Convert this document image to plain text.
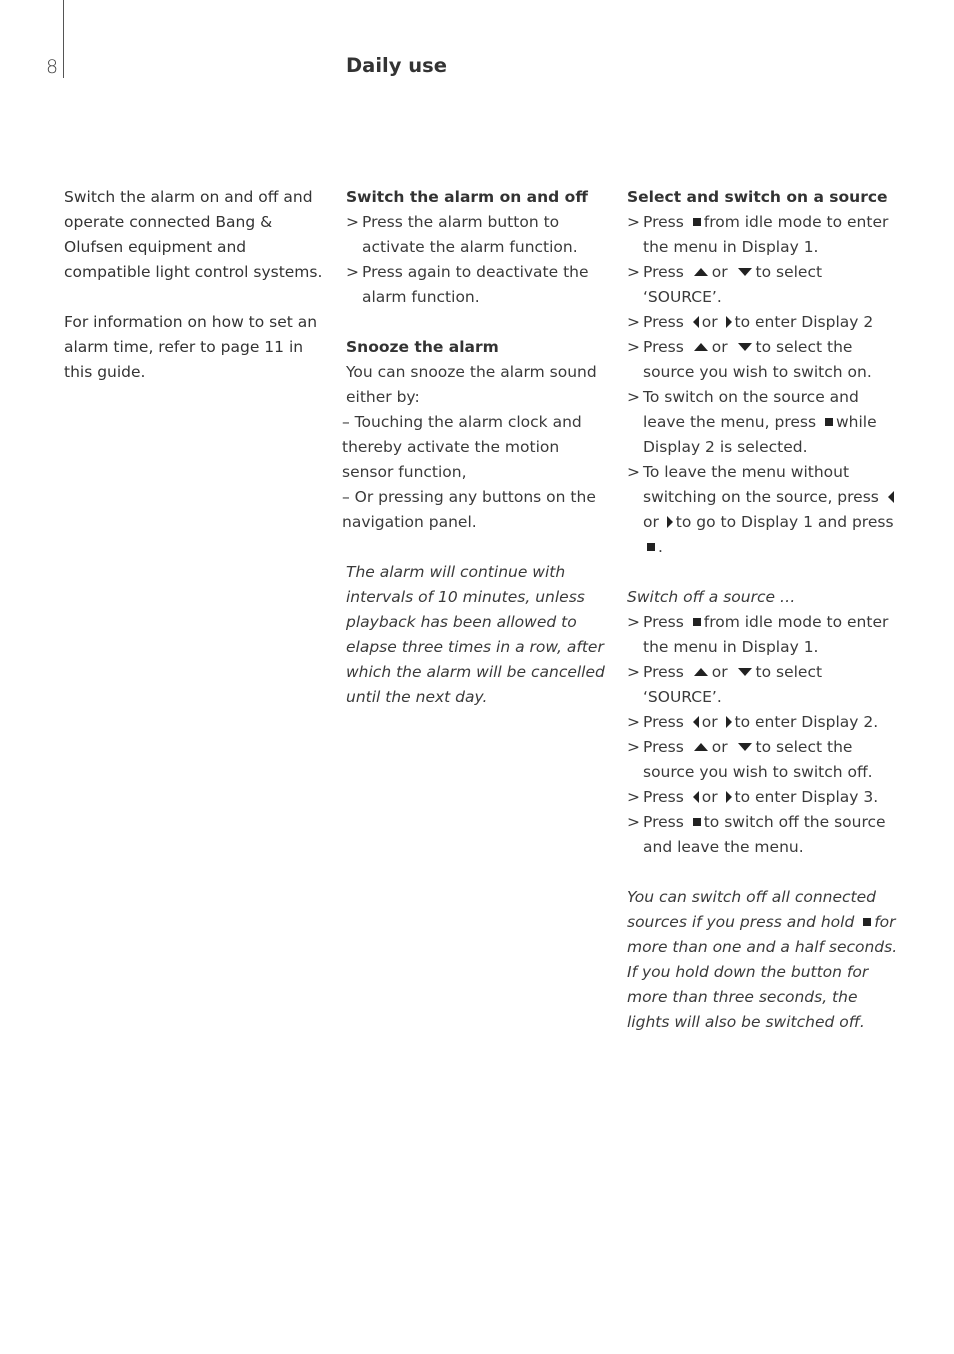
8	Daily use
Switch the alarm on and off and operate connected Bang & Olufsen equipment and compatible light control systems.
For information on how to set an alarm time, refer to page 11 in this guide.
Switch the alarm on and off
> Press the alarm button to activate the alarm function.
> Press again to deactivate the alarm function.
Snooze the alarm
You can snooze the alarm sound either by:
– Touching the alarm clock and thereby activate the motion sensor function,
– Or pressing any buttons on the navigation panel.
The alarm will continue with intervals of 10 minutes, unless playback has been allowed to elapse three times in a row, after which the alarm will be cancelled until the next day.
Select and switch on a source
> Press from idle mode to enter the menu in Display 1.
> Press or to select ‘SOURCE’.
> Press or to enter Display 2
> Press or to select the source you wish to switch on.
> To switch on the source and leave the menu, press while Display 2 is selected.
> To leave the menu without switching on the source, press or to go to Display 1 and press .
Switch off a source …
> Press from idle mode to enter the menu in Display 1.
> Press or to select ‘SOURCE’.
> Press or to enter Display 2.
> Press or to select the source you wish to switch off.
> Press or to enter Display 3.
> Press to switch off the source and leave the menu.
You can switch off all connected sources if you press and hold for more than one and a half seconds. If you hold down the button for more than three seconds, the lights will also be switched off.
